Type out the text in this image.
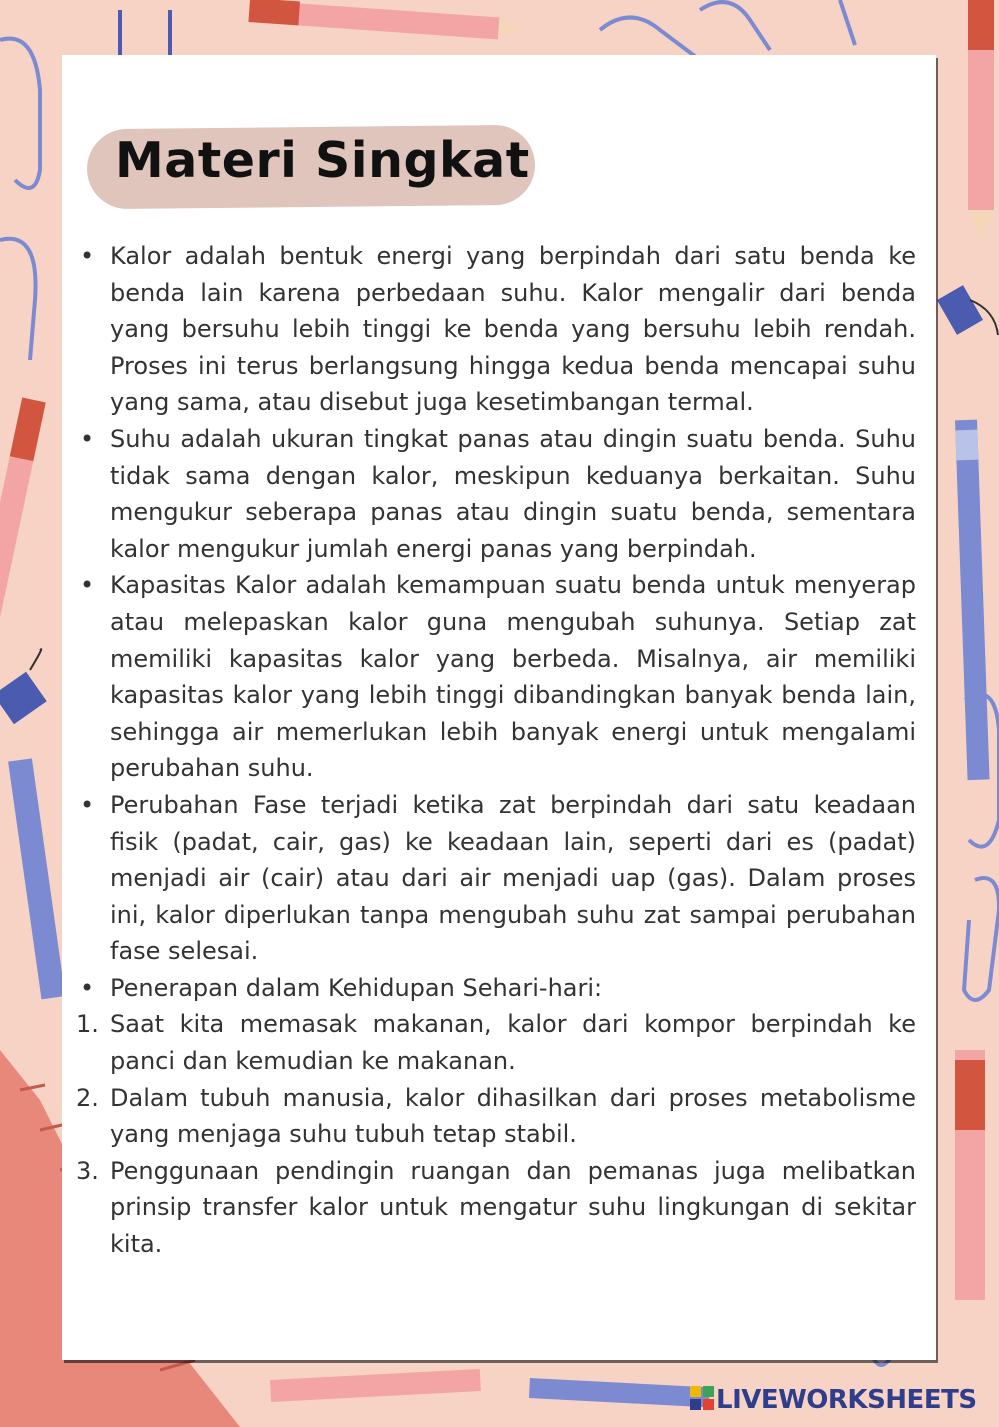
Materi Singkat
• Kalor adalah bentuk energi yang berpindah dari satu benda ke benda lain karena perbedaan suhu. Kalor mengalir dari benda yang bersuhu lebih tinggi ke benda yang bersuhu lebih rendah. Proses ini terus berlangsung hingga kedua benda mencapai suhu yang sama, atau disebut juga kesetimbangan termal.
• Suhu adalah ukuran tingkat panas atau dingin suatu benda. Suhu tidak sama dengan kalor, meskipun keduanya berkaitan. Suhu mengukur seberapa panas atau dingin suatu benda, sementara kalor mengukur jumlah energi panas yang berpindah.
• Kapasitas Kalor adalah kemampuan suatu benda untuk menyerap atau melepaskan kalor guna mengubah suhunya. Setiap zat memiliki kapasitas kalor yang berbeda. Misalnya, air memiliki kapasitas kalor yang lebih tinggi dibandingkan banyak benda lain, sehingga air memerlukan lebih banyak energi untuk mengalami perubahan suhu.
• Perubahan Fase terjadi ketika zat berpindah dari satu keadaan fisik (padat, cair, gas) ke keadaan lain, seperti dari es (padat) menjadi air (cair) atau dari air menjadi uap (gas). Dalam proses ini, kalor diperlukan tanpa mengubah suhu zat sampai perubahan fase selesai.
• Penerapan dalam Kehidupan Sehari-hari:
1. Saat kita memasak makanan, kalor dari kompor berpindah ke panci dan kemudian ke makanan.
2. Dalam tubuh manusia, kalor dihasilkan dari proses metabolisme yang menjaga suhu tubuh tetap stabil.
3. Penggunaan pendingin ruangan dan pemanas juga melibatkan prinsip transfer kalor untuk mengatur suhu lingkungan di sekitar kita.
LIVEWORKSHEETS
